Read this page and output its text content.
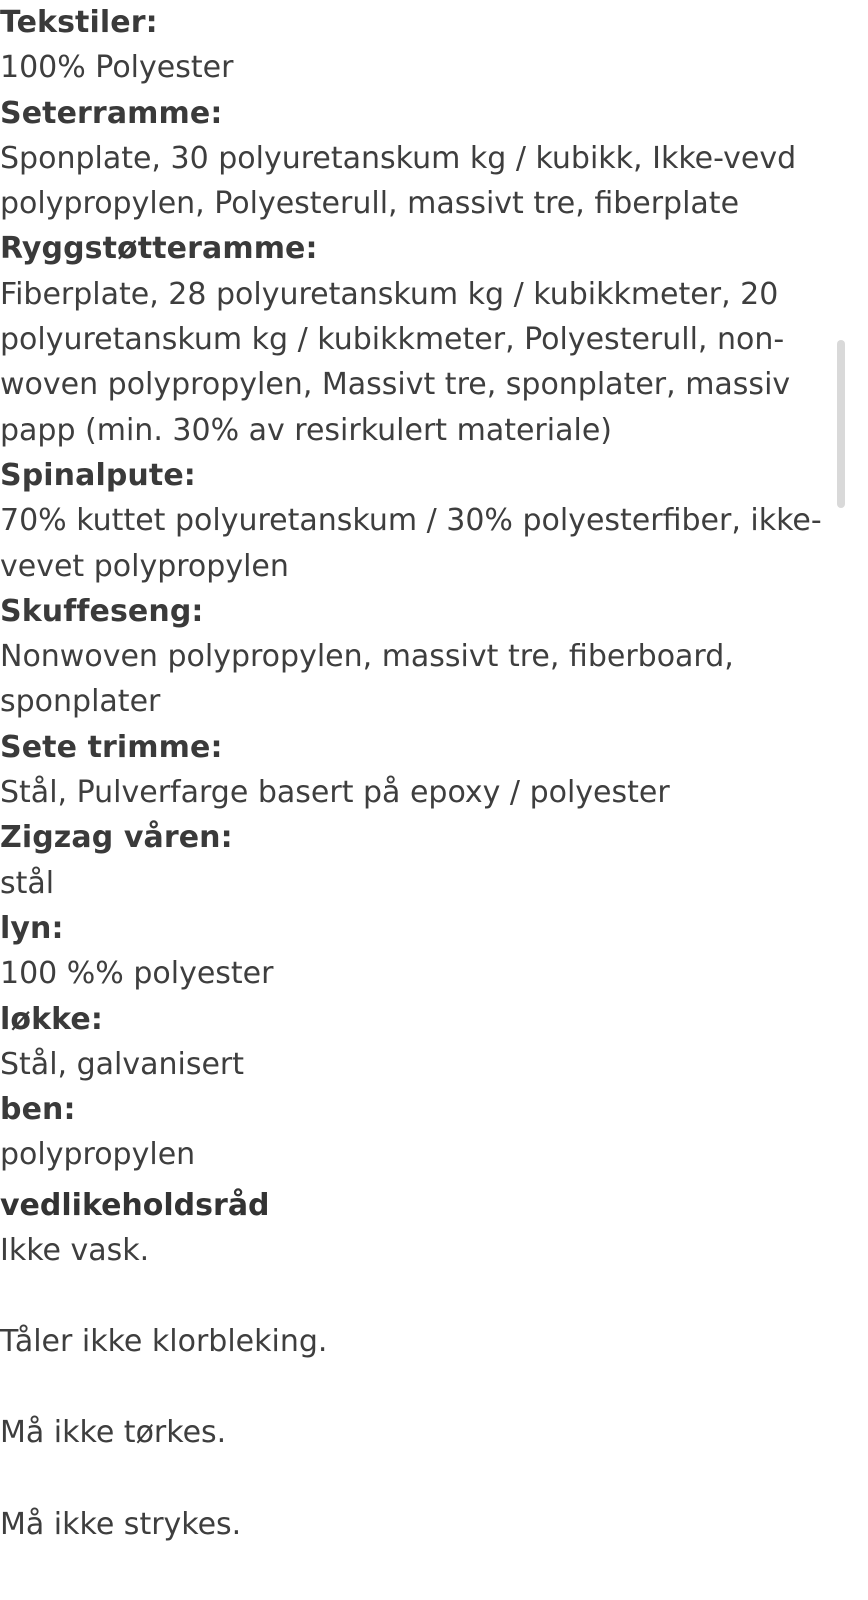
Tekstiler:
100% Polyester
Seterramme:
Sponplate, 30 polyuretanskum kg / kubikk, Ikke-vevd polypropylen, Polyesterull, massivt tre, fiberplate
Ryggstøtteramme:
Fiberplate, 28 polyuretanskum kg / kubikkmeter, 20 polyuretanskum kg / kubikkmeter, Polyesterull, non-woven polypropylen, Massivt tre, sponplater, massiv papp (min. 30% av resirkulert materiale)
Spinalpute:
70% kuttet polyuretanskum / 30% polyesterfiber, ikke-vevet polypropylen
Skuffeseng:
Nonwoven polypropylen, massivt tre, fiberboard, sponplater
Sete trimme:
Stål, Pulverfarge basert på epoxy / polyester
Zigzag våren:
stål
lyn:
100 %% polyester
løkke:
Stål, galvanisert
ben:
polypropylen
vedlikeholdsråd
Ikke vask.
Tåler ikke klorbleking.
Må ikke tørkes.
Må ikke strykes.
